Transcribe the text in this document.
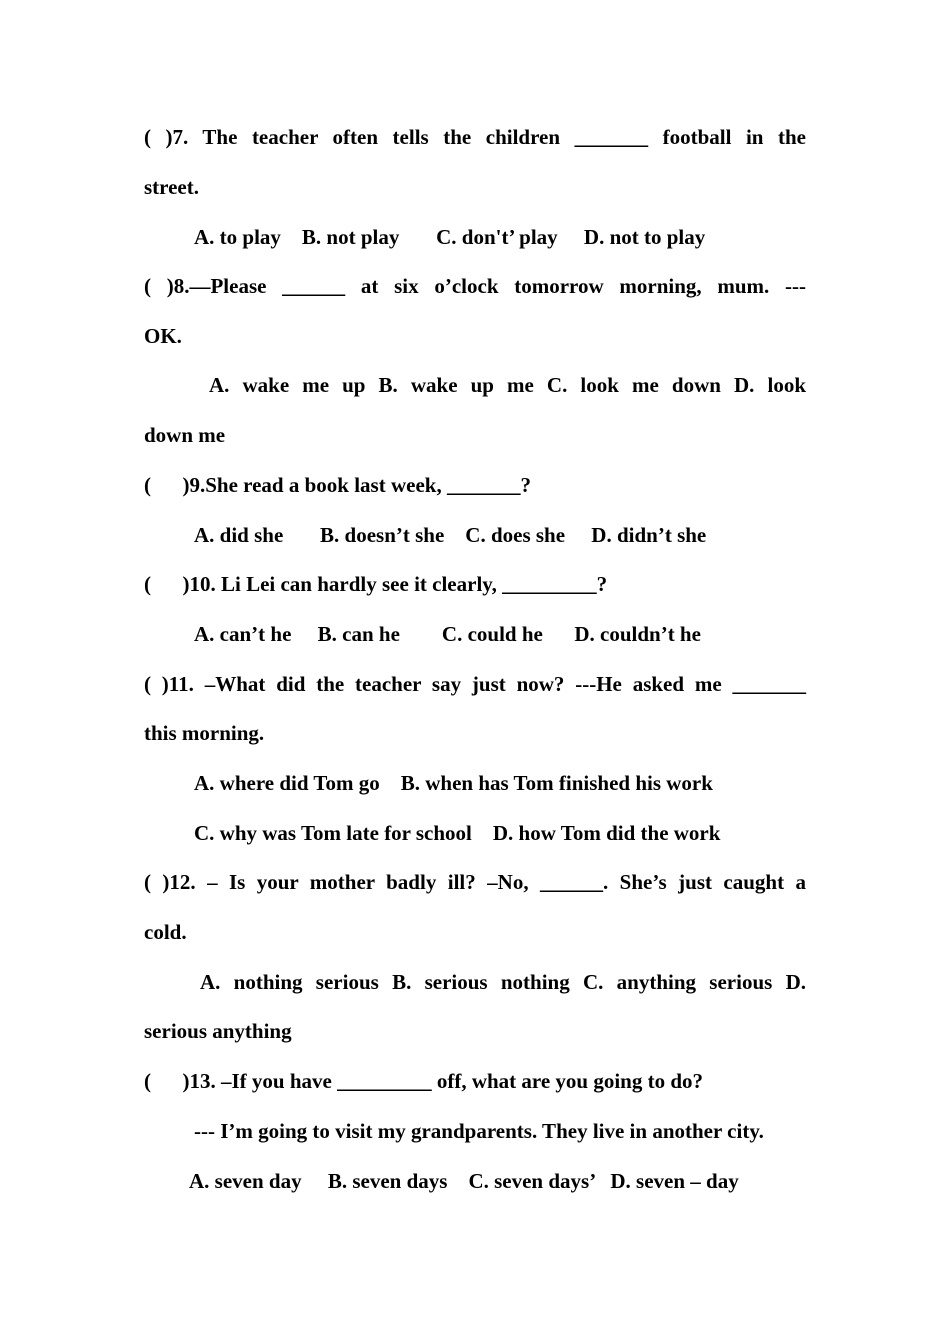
( )7. The teacher often tells the children _______ football in the
street.
A. to play    B. not play       C. don't’ play     D. not to play
( )8.—Please ______ at six o’clock tomorrow morning, mum. ---
OK.
A. wake me up B. wake up me C. look me down D. look
down me
(      )9.She read a book last week, _______?
A. did she       B. doesn’t she    C. does she     D. didn’t she
(      )10. Li Lei can hardly see it clearly, _________?
A. can’t he     B. can he        C. could he      D. couldn’t he
( )11. –What did the teacher say just now? ---He asked me _______
this morning.
A. where did Tom go    B. when has Tom finished his work
C. why was Tom late for school    D. how Tom did the work
( )12. – Is your mother badly ill? –No, ______. She’s just caught a
cold.
A. nothing serious B. serious nothing C. anything serious D.
serious anything
(      )13. –If you have _________ off, what are you going to do?
--- I’m going to visit my grandparents. They live in another city.
A. seven day     B. seven days    C. seven days’   D. seven – day
